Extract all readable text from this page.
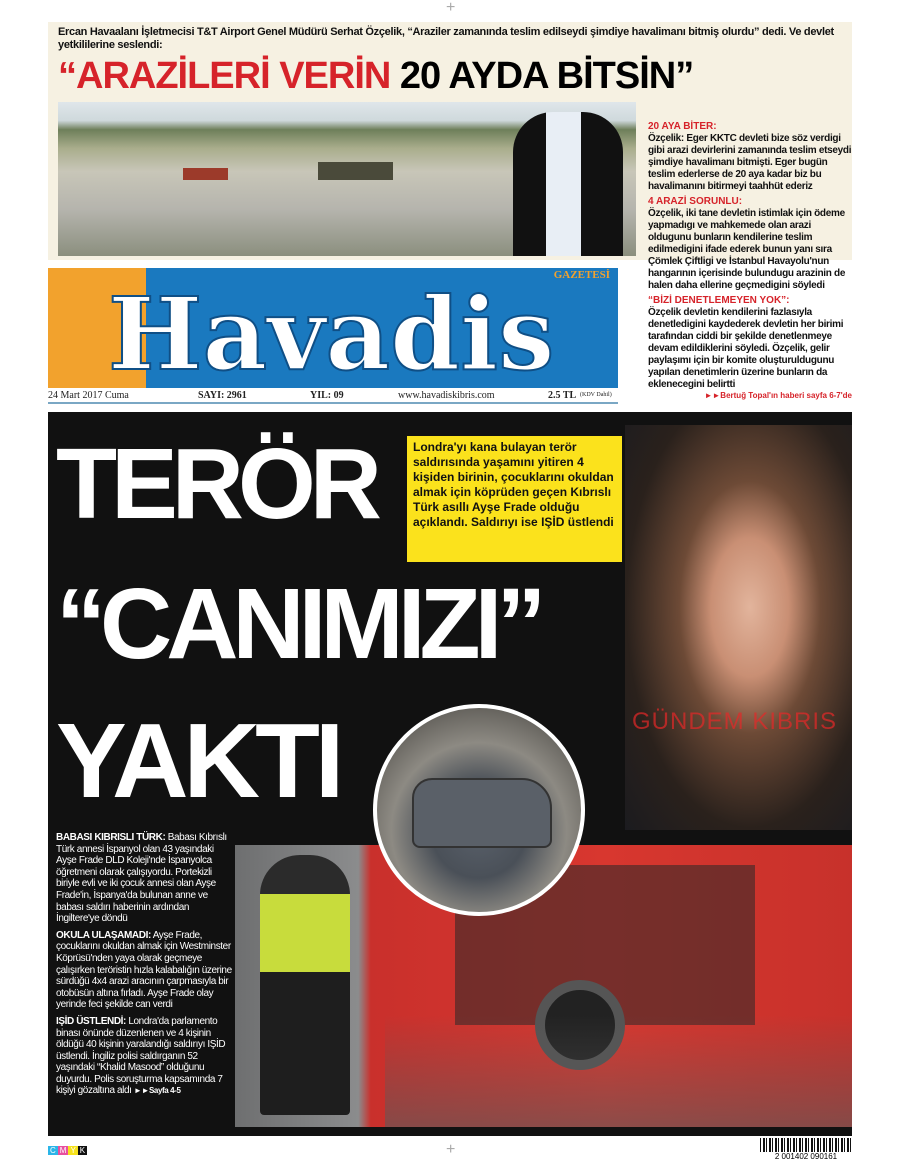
Ercan Havaalanı İşletmecisi T&T Airport Genel Müdürü Serhat Özçelik, “Araziler zamanında teslim edilseydi şimdiye havalimanı bitmiş olurdu” dedi. Ve devlet yetkililerine seslendi:
“ARAZİLERİ VERİN 20 AYDA BİTSİN”
20 AYA BİTER:

Özçelik: Eger KKTC devleti bize söz verdigi gibi arazi devirlerini zamanında teslim etseydi şimdiye havalimanı bitmişti. Eger bugün teslim ederlerse de 20 aya kadar biz bu havalimanını bitirmeyi taahhüt ederiz

4 ARAZİ SORUNLU:

Özçelik, iki tane devletin istimlak için ödeme yapmadıgı ve mahkemede olan arazi oldugunu bunların kendilerine teslim edilmedigini ifade ederek bunun yanı sıra Çömlek Çiftligi ve İstanbul Havayolu'nun hangarının içerisinde bulundugu arazinin de halen daha ellerine geçmedigini söyledi

“BİZİ DENETLEMEYEN YOK”:

Özçelik devletin kendilerini fazlasıyla denetledigini kaydederek devletin her birimi tarafından ciddi bir şekilde denetlenmeye devam edildiklerini söyledi. Özçelik, gelir paylaşımı için bir komite oluşturuldugunu yapılan denetimlerin üzerine bunların da eklenecegini belirtti

►►Bertuğ Topal'ın haberi sayfa 6-7'de
Havadis GAZETESİ
24 Mart 2017 Cuma	SAYI: 2961	YIL: 09	www.havadiskibris.com	2.5 TL (KDV Dahil)
TERÖR
“CANIMIZI”
YAKTI
Londra'yı kana bulayan terör saldırısında yaşamını yitiren 4 kişiden birinin, çocuklarını okuldan almak için köprüden geçen Kıbrıslı Türk asıllı Ayşe Frade olduğu açıklandı. Saldırıyı ise IŞİD üstlendi

BABASI KIBRISLI TÜRK: Babası Kıbrıslı Türk annesi İspanyol olan 43 yaşındaki Ayşe Frade DLD Koleji'nde İspanyolca öğretmeni olarak çalışıyordu. Portekizli biriyle evli ve iki çocuk annesi olan Ayşe Frade'in, İspanya'da bulunan anne ve babası saldırı haberinin ardından İngiltere'ye döndü

OKULA ULAŞAMADI: Ayşe Frade, çocuklarını okuldan almak için Westminster Köprüsü'nden yaya olarak geçmeye çalışırken teröristin hızla kalabalığın üzerine sürdüğü 4x4 arazi aracının çarpmasıyla bir otobüsün altına fırladı. Ayşe Frade olay yerinde feci şekilde can verdi

IŞİD ÜSTLENDİ: Londra'da parlamento binası önünde düzenlenen ve 4 kişinin öldüğü 40 kişinin yaralandığı saldırıyı IŞİD üstlendi. İngiliz polisi saldırganın 52 yaşındaki “Khalid Masood” olduğunu duyurdu. Polis soruşturma kapsamında 7 kişiyi gözaltına aldı ►►Sayfa 4-5

GÜNDEM KIBRIS
C M Y K	+
+
2 001402 090161
